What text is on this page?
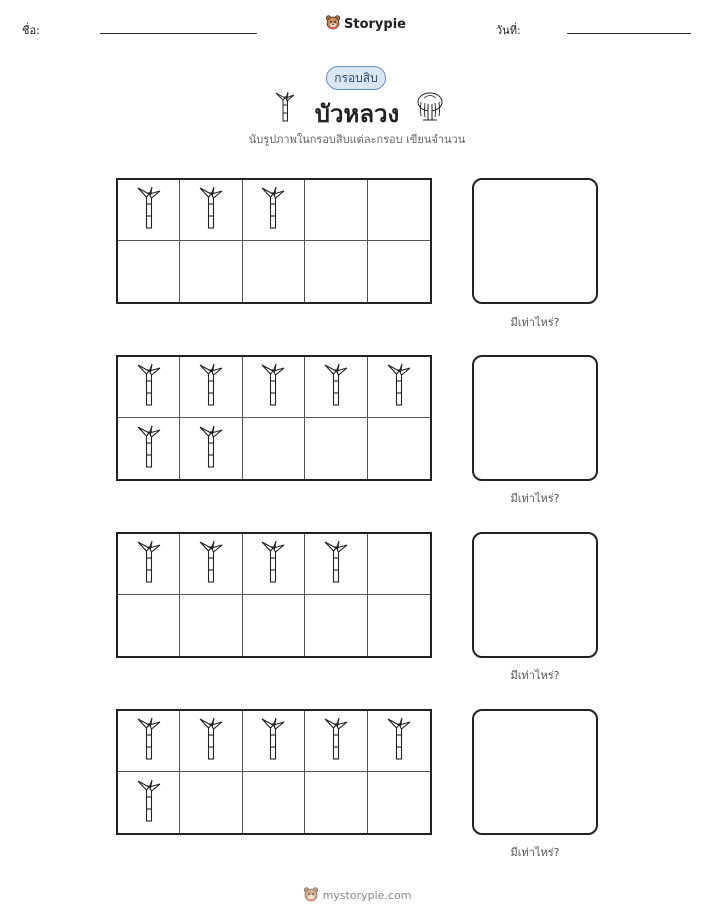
ชื่อ:	Storypie	วันที่:
กรอบสิบ
บัวหลวง
นับรูปภาพในกรอบสิบแต่ละกรอบ เขียนจำนวน
มีเท่าไหร่?
มีเท่าไหร่?
มีเท่าไหร่?
มีเท่าไหร่?
mystorypie.com
